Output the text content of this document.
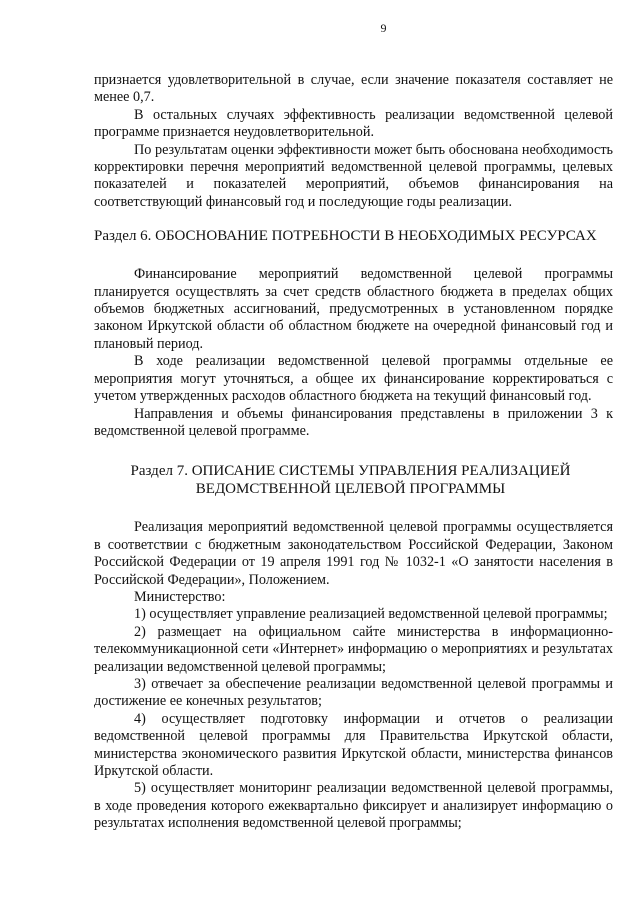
9

признается удовлетворительной в случае, если значение показателя составляет не менее 0,7.

В остальных случаях эффективность реализации ведомственной целевой программе признается неудовлетворительной.

По результатам оценки эффективности может быть обоснована необходимость корректировки перечня мероприятий ведомственной целевой программы, целевых показателей и показателей мероприятий, объемов финансирования на соответствующий финансовый год и последующие годы реализации.

Раздел 6. ОБОСНОВАНИЕ ПОТРЕБНОСТИ В НЕОБХОДИМЫХ РЕСУРСАХ

Финансирование мероприятий ведомственной целевой программы планируется осуществлять за счет средств областного бюджета в пределах общих объемов бюджетных ассигнований, предусмотренных в установленном порядке законом Иркутской области об областном бюджете на очередной финансовый год и плановый период.

В ходе реализации ведомственной целевой программы отдельные ее мероприятия могут уточняться, а общее их финансирование корректироваться с учетом утвержденных расходов областного бюджета на текущий финансовый год.

Направления и объемы финансирования представлены в приложении 3 к ведомственной целевой программе.

Раздел 7. ОПИСАНИЕ СИСТЕМЫ УПРАВЛЕНИЯ РЕАЛИЗАЦИЕЙ
ВЕДОМСТВЕННОЙ ЦЕЛЕВОЙ ПРОГРАММЫ

Реализация мероприятий ведомственной целевой программы осуществляется в соответствии с бюджетным законодательством Российской Федерации, Законом Российской Федерации от 19 апреля 1991 год № 1032-1 «О занятости населения в Российской Федерации», Положением.

Министерство:

1) осуществляет управление реализацией ведомственной целевой программы;

2) размещает на официальном сайте министерства в информационно-телекоммуникационной сети «Интернет» информацию о мероприятиях и результатах реализации ведомственной целевой программы;

3) отвечает за обеспечение реализации ведомственной целевой программы и достижение ее конечных результатов;

4) осуществляет подготовку информации и отчетов о реализации ведомственной целевой программы для Правительства Иркутской области, министерства экономического развития Иркутской области, министерства финансов Иркутской области.

5) осуществляет мониторинг реализации ведомственной целевой программы, в ходе проведения которого ежеквартально фиксирует и анализирует информацию о результатах исполнения ведомственной целевой программы;
